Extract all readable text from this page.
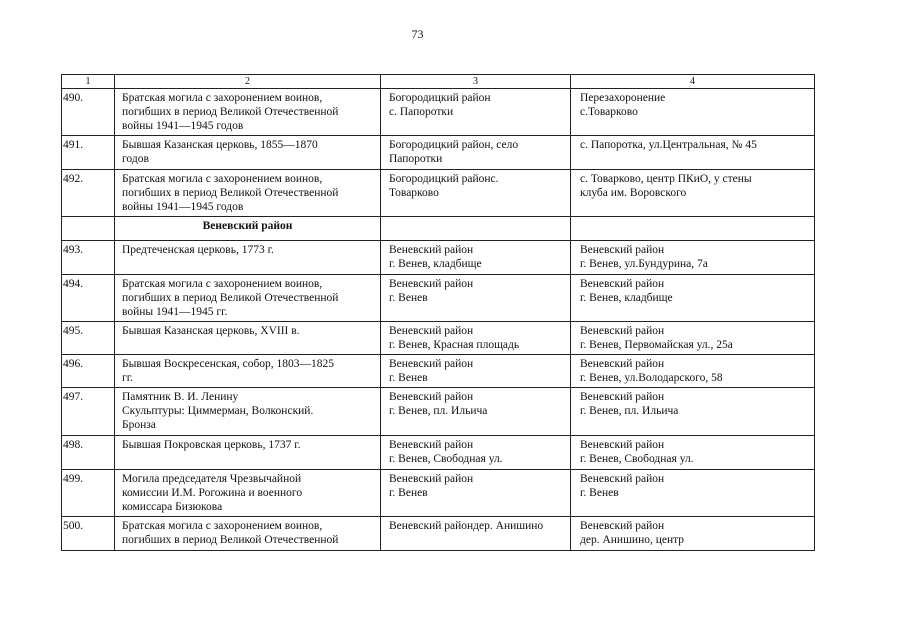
73
1	2	3	4
490.	Братская могила с захоронением воинов,
погибших в период Великой Отечественной
войны 1941—1945 годов	Богородицкий район
с. Папоротки	Перезахоронение
с.Товарково

491.	Бывшая Казанская церковь, 1855—1870
годов	Богородицкий район, село
Папоротки	с. Папоротка, ул.Центральная, № 45

492.	Братская могила с захоронением воинов,
погибших в период Великой Отечественной
войны 1941—1945 годов	Богородицкий районс.
Товарково	с. Товарково, центр ПКиО, у стены
клуба им. Воровского

	Веневский район		
493.	Предтеченская церковь, 1773 г.	Веневский район
г. Венев, кладбище	Веневский район
г. Венев, ул.Бундурина, 7а

494.	Братская могила с захоронением воинов,
погибших в период Великой Отечественной
войны 1941—1945 гг.	Веневский район
г. Венев	Веневский район
г. Венев, кладбище

495.	Бывшая Казанская церковь, XVIII в.	Веневский район
г. Венев, Красная площадь	Веневский район
г. Венев, Первомайская ул., 25а

496.	Бывшая Воскресенская, собор, 1803—1825
гг.	Веневский район
г. Венев	Веневский район
г. Венев, ул.Володарского, 58

497.	Памятник В. И. Ленину
Скульптуры: Циммерман, Волконский.
Бронза	Веневский район
г. Венев, пл. Ильича	Веневский район
г. Венев, пл. Ильича

498.	Бывшая Покровская церковь, 1737 г.	Веневский район
г. Венев, Свободная ул.	Веневский район
г. Венев, Свободная ул.

499.	Могила председателя Чрезвычайной
комиссии И.М. Рогожина и военного
комиссара Бизюкова	Веневский район
г. Венев	Веневский район
г. Венев

500.	Братская могила с захоронением воинов,
погибших в период Великой Отечественной	Веневский райондер. Анишино	Веневский район
дер. Анишино, центр
